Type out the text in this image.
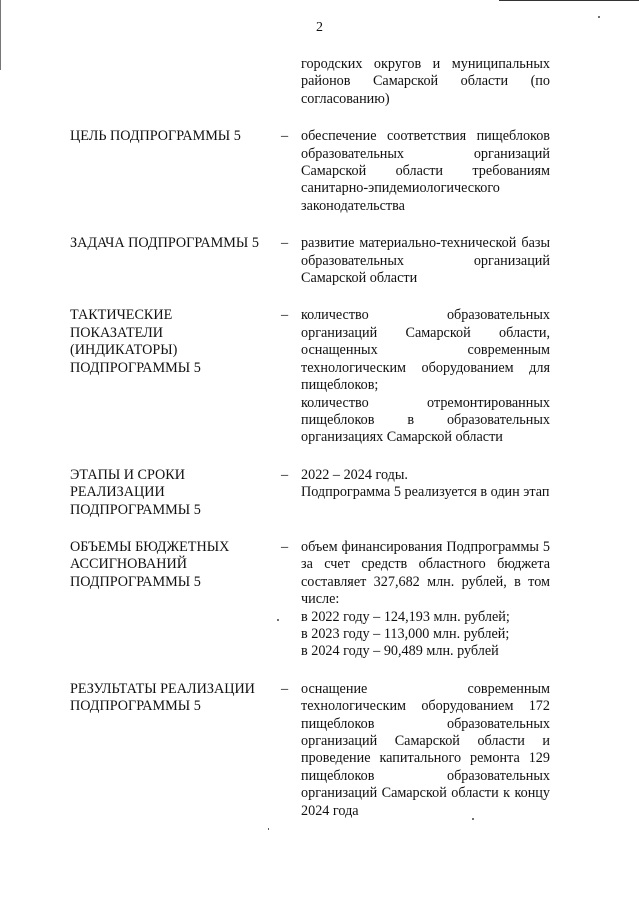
2

городских округов и муниципальных районов Самарской области (по согласованию)

ЦЕЛЬ ПОДПРОГРАММЫ 5	– обеспечение соответствия пищеблоков образовательных организаций Самарской области требованиям санитарно-эпидемиологического законодательства

ЗАДАЧА ПОДПРОГРАММЫ 5	– развитие материально-технической базы образовательных организаций Самарской области

ТАКТИЧЕСКИЕ ПОКАЗАТЕЛИ (ИНДИКАТОРЫ) ПОДПРОГРАММЫ 5
– количество образовательных организаций Самарской области, оснащенных современным технологическим оборудованием для пищеблоков;

количество отремонтированных пищеблоков в образовательных организациях Самарской области

ЭТАПЫ И СРОКИ РЕАЛИЗАЦИИ ПОДПРОГРАММЫ 5
– 2022 – 2024 годы.

Подпрограмма 5 реализуется в один этап

ОБЪЕМЫ БЮДЖЕТНЫХ АССИГНОВАНИЙ ПОДПРОГРАММЫ 5
– объем финансирования Подпрограммы 5 за счет средств областного бюджета составляет 327,682 млн. рублей, в том числе:

в 2022 году – 124,193 млн. рублей;

в 2023 году – 113,000 млн. рублей;

в 2024 году – 90,489 млн. рублей

РЕЗУЛЬТАТЫ РЕАЛИЗАЦИИ ПОДПРОГРАММЫ 5
– оснащение современным технологическим оборудованием 172 пищеблоков образовательных организаций Самарской области и проведение капитального ремонта 129 пищеблоков образовательных организаций Самарской области к концу 2024 года
